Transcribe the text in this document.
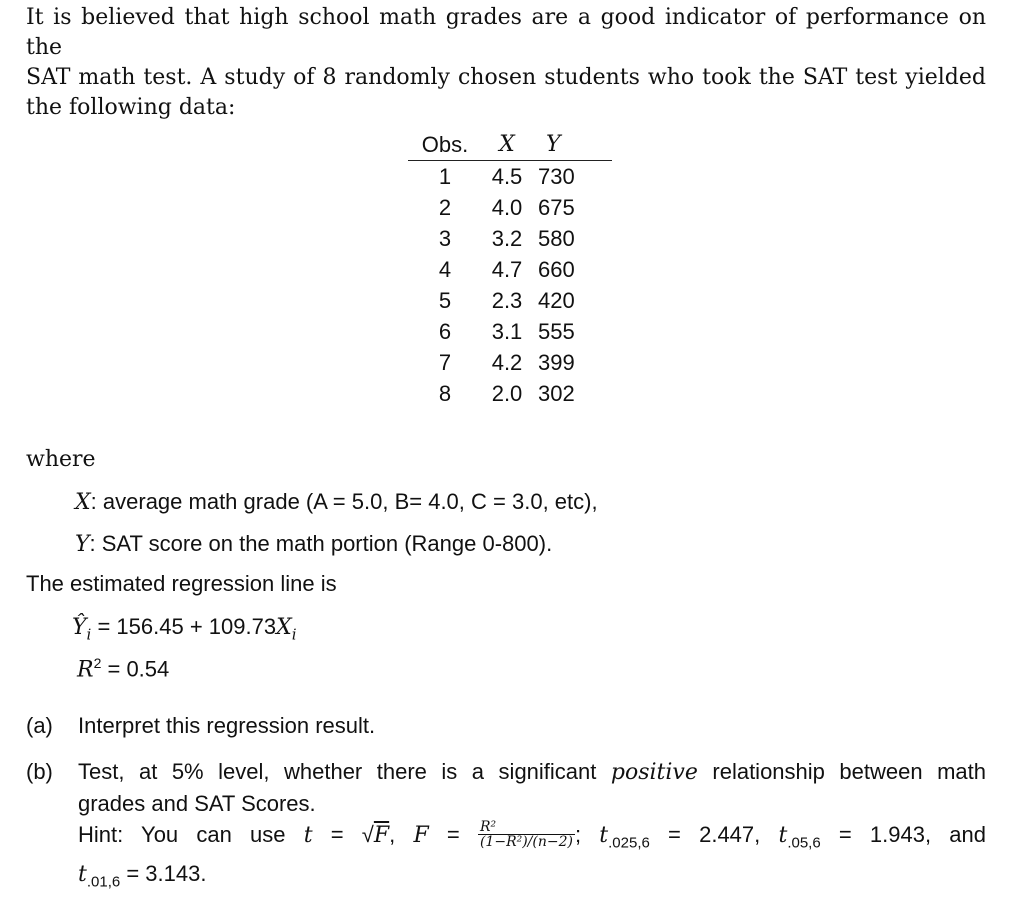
It is believed that high school math grades are a good indicator of performance on the
SAT math test. A study of 8 randomly chosen students who took the SAT test yielded
the following data:
Obs.	X	Y
1	4.5	730
2	4.0	675
3	3.2	580
4	4.7	660
5	2.3	420
6	3.1	555
7	4.2	399
8	2.0	302
where
X: average math grade (A = 5.0, B= 4.0, C = 3.0, etc),
Y: SAT score on the math portion (Range 0-800).
The estimated regression line is
$Ŷ_i = 156.45 + 109.73X_i$
$R^2 = 0.54$
(a) Interpret this regression result.
(b) Test, at 5% level, whether there is a significant positive relationship between math
grades and SAT Scores.
Hint: You can use t = √F, $F = \frac{\text{R²}}{\text{(1−R²)/(n−2)}}$ ; $t_{.025,6} = 2.447$, $t_{.05,6} = 1.943$, and
$t_{.01,6} = 3.143$.
